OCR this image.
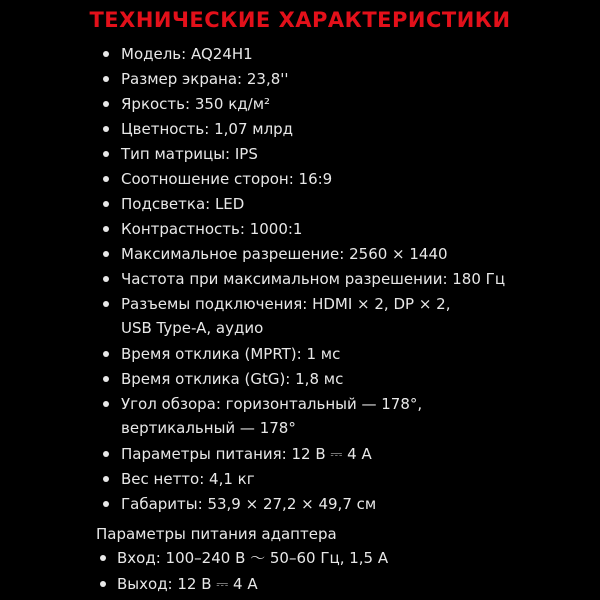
ТЕХНИЧЕСКИЕ ХАРАКТЕРИСТИКИ
Модель: AQ24H1
Размер экрана: 23,8''
Яркость: 350 кд/м²
Цветность: 1,07 млрд
Тип матрицы: IPS
Соотношение сторон: 16:9
Подсветка: LED
Контрастность: 1000:1
Максимальное разрешение: 2560 × 1440
Частота при максимальном разрешении: 180 Гц
Разъемы подключения: HDMI × 2, DP × 2,
USB Type-A, аудио
Время отклика (MPRT): 1 мс
Время отклика (GtG): 1,8 мс
Угол обзора: горизонтальный — 178°,
вертикальный — 178°
Параметры питания: 12 В ⎓ 4 А
Вес нетто: 4,1 кг
Габариты: 53,9 × 27,2 × 49,7 см
Параметры питания адаптера
Вход: 100–240 В 〜 50–60 Гц, 1,5 А
Выход: 12 В ⎓ 4 А
